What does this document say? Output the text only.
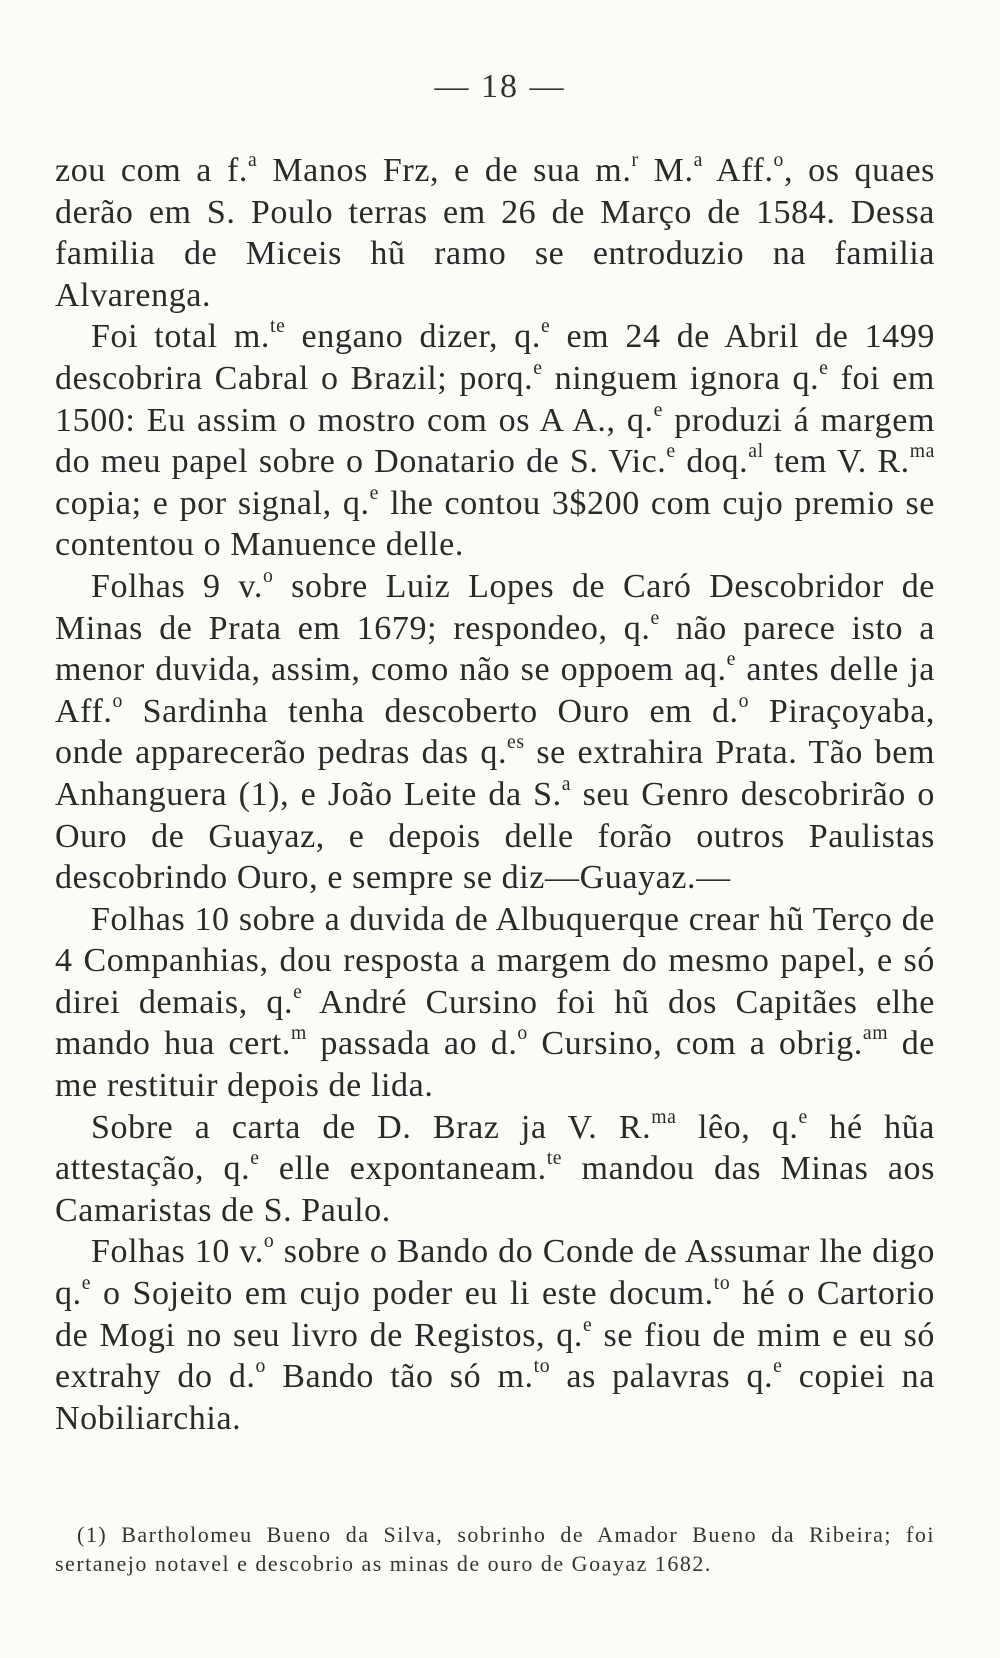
— 18 —

zou com a f.$^a$ Manos Frz, e de sua m.$^r$ M.$^a$ Aff.$^o$, os quaes derão em S. Poulo terras em 26 de Março de 1584. Dessa familia de Miceis hũ ramo se entroduzio na familia Alvarenga.

Foi total m.$^{te}$ engano dizer, q.$^e$ em 24 de Abril de 1499 descobrira Cabral o Brazil; porq.$^e$ ninguem ignora q.$^e$ foi em 1500: Eu assim o mostro com os A A., q.$^e$ produzi á margem do meu papel sobre o Donatario de S. Vic.$^e$ doq.$^{al}$ tem V. R.$^{ma}$ copia; e por signal, q.$^e$ lhe contou 3$200 com cujo premio se contentou o Manuence delle.

Folhas 9 v.$^o$ sobre Luiz Lopes de Caró Descobridor de Minas de Prata em 1679; respondeo, q.$^e$ não parece isto a menor duvida, assim, como não se oppoem aq.$^e$ antes delle ja Aff.$^o$ Sardinha tenha descoberto Ouro em d.$^o$ Piraçoyaba, onde apparecerão pedras das q.$^{es}$ se extrahira Prata. Tão bem Anhanguera (1), e João Leite da S.$^a$ seu Genro descobrirão o Ouro de Guayaz, e depois delle forão outros Paulistas descobrindo Ouro, e sempre se diz—Guayaz.—

Folhas 10 sobre a duvida de Albuquerque crear hũ Terço de 4 Companhias, dou resposta a margem do mesmo papel, e só direi demais, q.$^e$ André Cursino foi hũ dos Capitães elhe mando hua cert.$^m$ passada ao d.$^o$ Cursino, com a obrig.$^{am}$ de me restituir depois de lida.

Sobre a carta de D. Braz ja V. R.$^{ma}$ lêo, q.$^e$ hé hũa attestação, q.$^e$ elle expontaneam.$^{te}$ mandou das Minas aos Camaristas de S. Paulo.

Folhas 10 v.$^o$ sobre o Bando do Conde de Assumar lhe digo q.$^e$ o Sojeito em cujo poder eu li este docum.$^{to}$ hé o Cartorio de Mogi no seu livro de Registos, q.$^e$ se fiou de mim e eu só extrahy do d.$^o$ Bando tão só m.$^{to}$ as palavras q.$^e$ copiei na Nobiliarchia.

(1) Bartholomeu Bueno da Silva, sobrinho de Amador Bueno da Ribeira; foi sertanejo notavel e descobrio as minas de ouro de Goayaz 1682.
